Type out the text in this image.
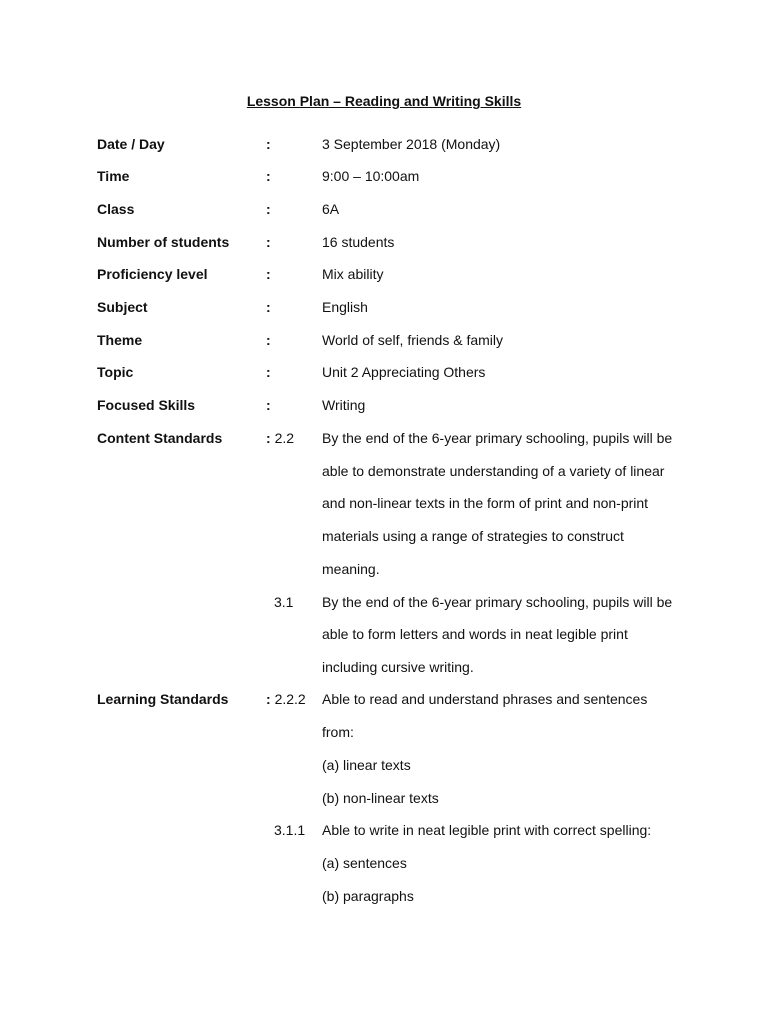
Lesson Plan – Reading and Writing Skills
Date / Day	:	3 September 2018 (Monday)
Time	:	9:00 – 10:00am
Class	:	6A
Number of students	:	16 students
Proficiency level	:	Mix ability
Subject	:	English
Theme	:	World of self, friends & family
Topic	:	Unit 2 Appreciating Others
Focused Skills	:	Writing
Content Standards	: 2.2 By the end of the 6-year primary schooling, pupils will be
able to demonstrate understanding of a variety of linear
and non-linear texts in the form of print and non-print
materials using a range of strategies to construct
meaning.
3.1 By the end of the 6-year primary schooling, pupils will be
able to form letters and words in neat legible print
including cursive writing.
Learning Standards	: 2.2.2 Able to read and understand phrases and sentences
from:
(a) linear texts
(b) non-linear texts
3.1.1 Able to write in neat legible print with correct spelling:
(a) sentences
(b) paragraphs
